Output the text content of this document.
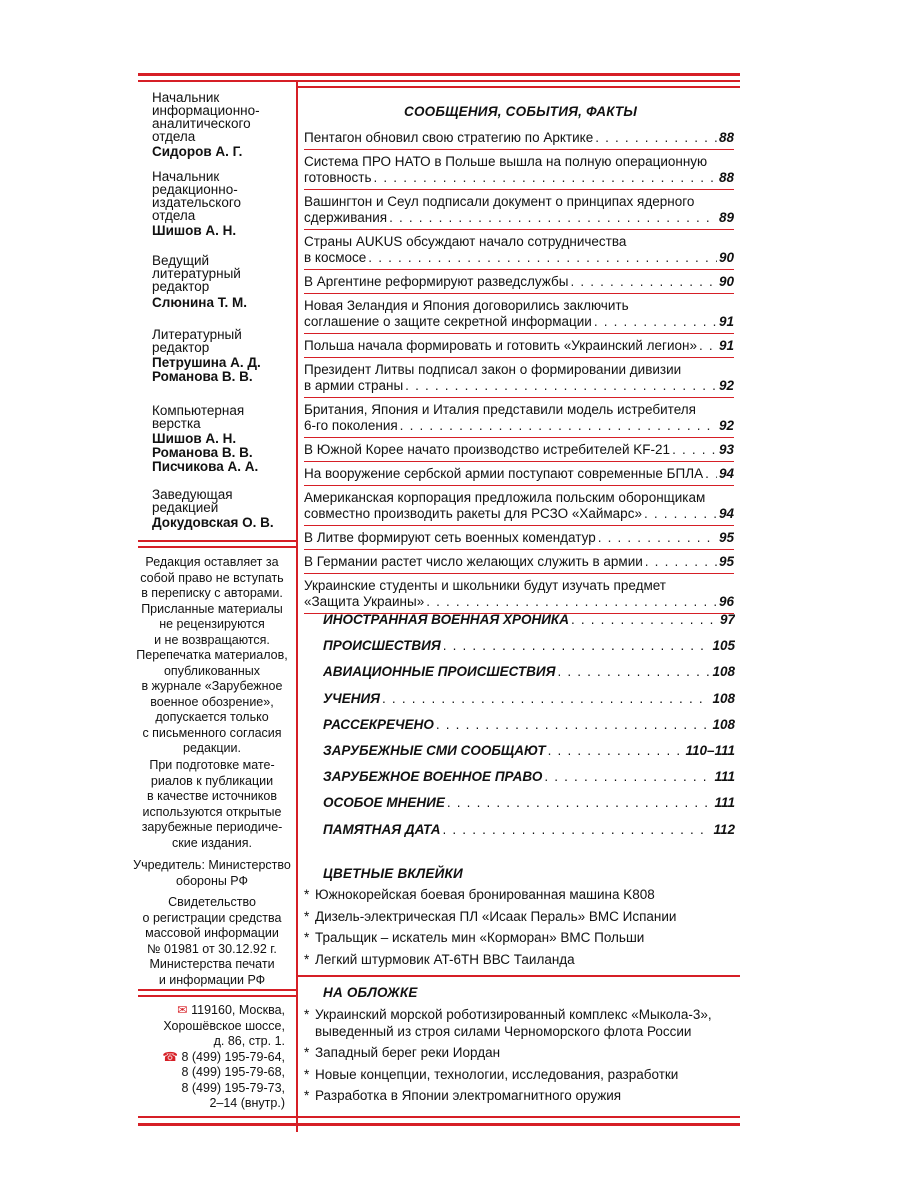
Начальник
информационно-
аналитического
отдела
Сидоров А. Г.
Начальник
редакционно-
издательского
отдела
Шишов А. Н.
Ведущий
литературный
редактор
Слюнина Т. М.
Литературный
редактор
Петрушина А. Д.
Романова В. В.
Компьютерная
верстка
Шишов А. Н.
Романова В. В.
Писчикова А. А.
Заведующая
редакцией
Докудовская О. В.
Редакция оставляет за
собой право не вступать
в переписку с авторами.
Присланные материалы
не рецензируются
и не возвращаются.
Перепечатка материалов,
опубликованных
в журнале «Зарубежное
военное обозрение»,
допускается только
с письменного согласия
редакции.
При подготовке мате-
риалов к публикации
в качестве источников
используются открытые
зарубежные периодиче-
ские издания.
Учредитель: Министерство
обороны РФ
Свидетельство
о регистрации средства
массовой информации
№ 01981 от 30.12.92 г.
Министерства печати
и информации РФ
✉ 119160, Москва,
Хорошёвское шоссе,
д. 86, стр. 1.
☎ 8 (499) 195-79-64,
8 (499) 195-79-68,
8 (499) 195-79-73,
2–14 (внутр.)
СООБЩЕНИЯ, СОБЫТИЯ, ФАКТЫ
Пентагон обновил свою стратегию по Арктике . . .	88
Система ПРО НАТО в Польше вышла на полную операционную
готовность . . .	88
Вашингтон и Сеул подписали документ о принципах ядерного
сдерживания . . .	89
Страны AUKUS обсуждают начало сотрудничества
в космосе . . .	90
В Аргентине реформируют разведслужбы . . .	90
Новая Зеландия и Япония договорились заключить
соглашение о защите секретной информации . . .	91
Польша начала формировать и готовить «Украинский легион» . . . 91
Президент Литвы подписал закон о формировании дивизии
в армии страны . . .	92
Британия, Япония и Италия представили модель истребителя
6-го поколения . . .	92
В Южной Корее начато производство истребителей KF-21 . . .	93
На вооружение сербской армии поступают современные БПЛА . . . 94
Американская корпорация предложила польским оборонщикам
совместно производить ракеты для РСЗО «Хаймарс» . . .	94
В Литве формируют сеть военных комендатур . . .	95
В Германии растет число желающих служить в армии . . .	95
Украинские студенты и школьники будут изучать предмет
«Защита Украины» . . .	96
ИНОСТРАННАЯ ВОЕННАЯ ХРОНИКА . . .	97
ПРОИСШЕСТВИЯ . . .	105
АВИАЦИОННЫЕ ПРОИСШЕСТВИЯ . . .	108
УЧЕНИЯ . . .	108
РАССЕКРЕЧЕНО . . .	108
ЗАРУБЕЖНЫЕ СМИ СООБЩАЮТ . . .	110–111
ЗАРУБЕЖНОЕ ВОЕННОЕ ПРАВО . . .	111
ОСОБОЕ МНЕНИЕ . . .	111
ПАМЯТНАЯ ДАТА . . .	112
ЦВЕТНЫЕ ВКЛЕЙКИ
* Южнокорейская боевая бронированная машина K808
* Дизель-электрическая ПЛ «Исаак Пераль» ВМС Испании
* Тральщик – искатель мин «Корморан» ВМС Польши
* Легкий штурмовик AT-6TH ВВС Таиланда
НА ОБЛОЖКЕ
* Украинский морской роботизированный комплекс «Мыкола-3»,
выведенный из строя силами Черноморского флота России
* Западный берег реки Иордан
* Новые концепции, технологии, исследования, разработки
* Разработка в Японии электромагнитного оружия
